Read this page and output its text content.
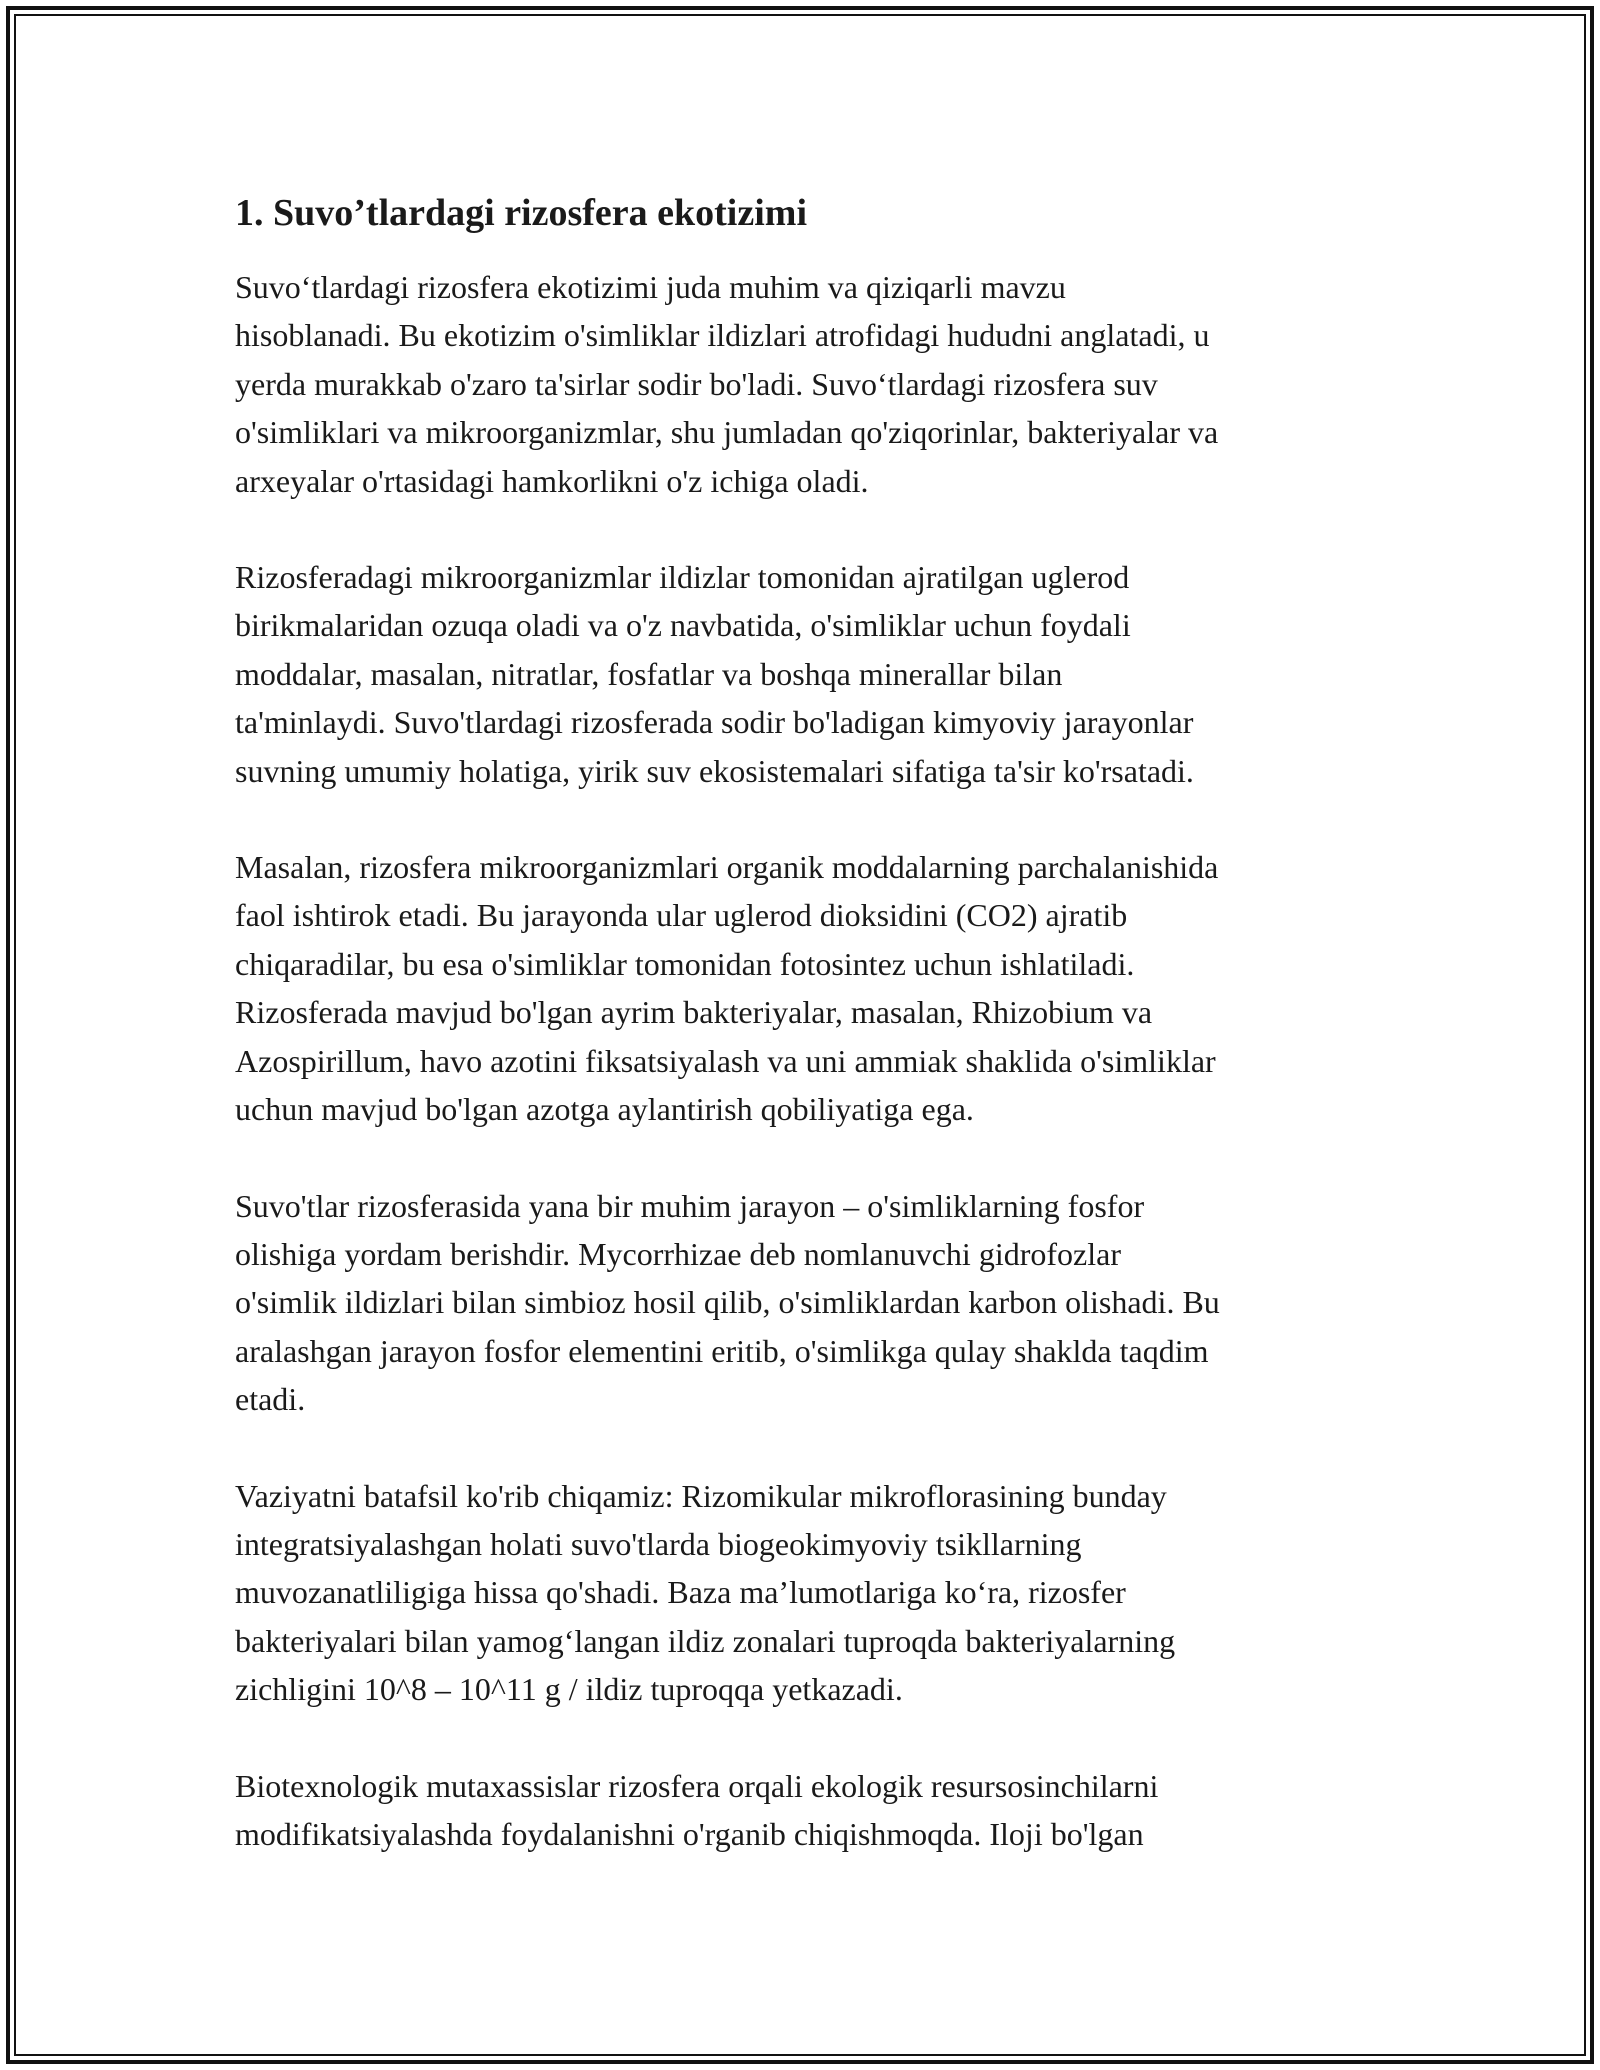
1. Suvo’tlardagi rizosfera ekotizimi

Suvo‘tlardagi rizosfera ekotizimi juda muhim va qiziqarli mavzu
hisoblanadi. Bu ekotizim o'simliklar ildizlari atrofidagi hududni anglatadi, u
yerda murakkab o'zaro ta'sirlar sodir bo'ladi. Suvo‘tlardagi rizosfera suv
o'simliklari va mikroorganizmlar, shu jumladan qo'ziqorinlar, bakteriyalar va
arxeyalar o'rtasidagi hamkorlikni o'z ichiga oladi.

Rizosferadagi mikroorganizmlar ildizlar tomonidan ajratilgan uglerod
birikmalaridan ozuqa oladi va o'z navbatida, o'simliklar uchun foydali
moddalar, masalan, nitratlar, fosfatlar va boshqa minerallar bilan
ta'minlaydi. Suvo'tlardagi rizosferada sodir bo'ladigan kimyoviy jarayonlar
suvning umumiy holatiga, yirik suv ekosistemalari sifatiga ta'sir ko'rsatadi.

Masalan, rizosfera mikroorganizmlari organik moddalarning parchalanishida
faol ishtirok etadi. Bu jarayonda ular uglerod dioksidini (CO2) ajratib
chiqaradilar, bu esa o'simliklar tomonidan fotosintez uchun ishlatiladi.
Rizosferada mavjud bo'lgan ayrim bakteriyalar, masalan, Rhizobium va
Azospirillum, havo azotini fiksatsiyalash va uni ammiak shaklida o'simliklar
uchun mavjud bo'lgan azotga aylantirish qobiliyatiga ega.

Suvo'tlar rizosferasida yana bir muhim jarayon – o'simliklarning fosfor
olishiga yordam berishdir. Mycorrhizae deb nomlanuvchi gidrofozlar
o'simlik ildizlari bilan simbioz hosil qilib, o'simliklardan karbon olishadi. Bu
aralashgan jarayon fosfor elementini eritib, o'simlikga qulay shakldа taqdim
etadi.

Vaziyatni batafsil ko'rib chiqamiz: Rizomikular mikroflorasining bunday
integratsiyalashgan holati suvo'tlarda biogeokimyoviy tsikllarning
muvozanatliligiga hissa qo'shadi. Baza ma’lumotlariga ko‘ra, rizosfer
bakteriyalari bilan yamog‘langan ildiz zonalari tuproqda bakteriyalarning
zichligini 10^8 – 10^11 g / ildiz tuproqqa yetkazadi.

Biotexnologik mutaxassislar rizosfera orqali ekologik resursosinchilarni
modifikatsiyalashda foydalanishni o'rganib chiqishmoqda. Iloji bo'lgan
